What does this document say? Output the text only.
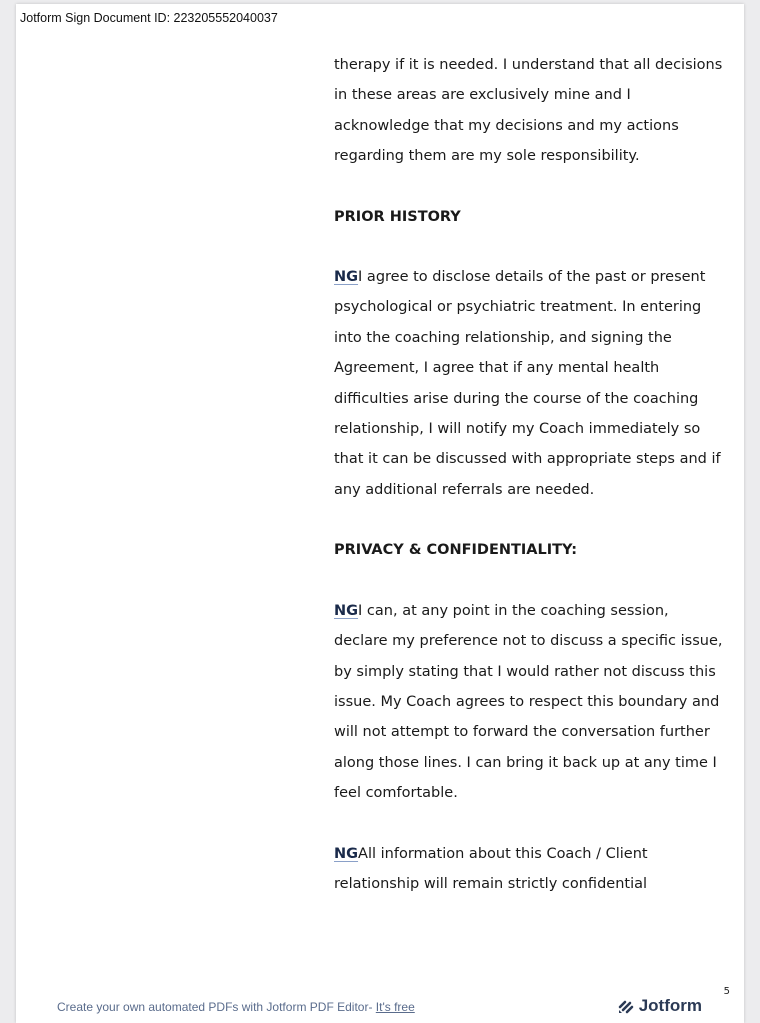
Jotform Sign Document ID: 223205552040037

therapy if it is needed. I understand that all decisions in these areas are exclusively mine and I acknowledge that my decisions and my actions regarding them are my sole responsibility.

PRIOR HISTORY

NGI agree to disclose details of the past or present psychological or psychiatric treatment. In entering into the coaching relationship, and signing the Agreement, I agree that if any mental health difficulties arise during the course of the coaching relationship, I will notify my Coach immediately so that it can be discussed with appropriate steps and if any additional referrals are needed.

PRIVACY & CONFIDENTIALITY:

NGI can, at any point in the coaching session, declare my preference not to discuss a specific issue, by simply stating that I would rather not discuss this issue. My Coach agrees to respect this boundary and will not attempt to forward the conversation further along those lines. I can bring it back up at any time I feel comfortable.

NGAll information about this Coach / Client relationship will remain strictly confidential

5
Create your own automated PDFs with Jotform PDF Editor- It's free	Jotform
